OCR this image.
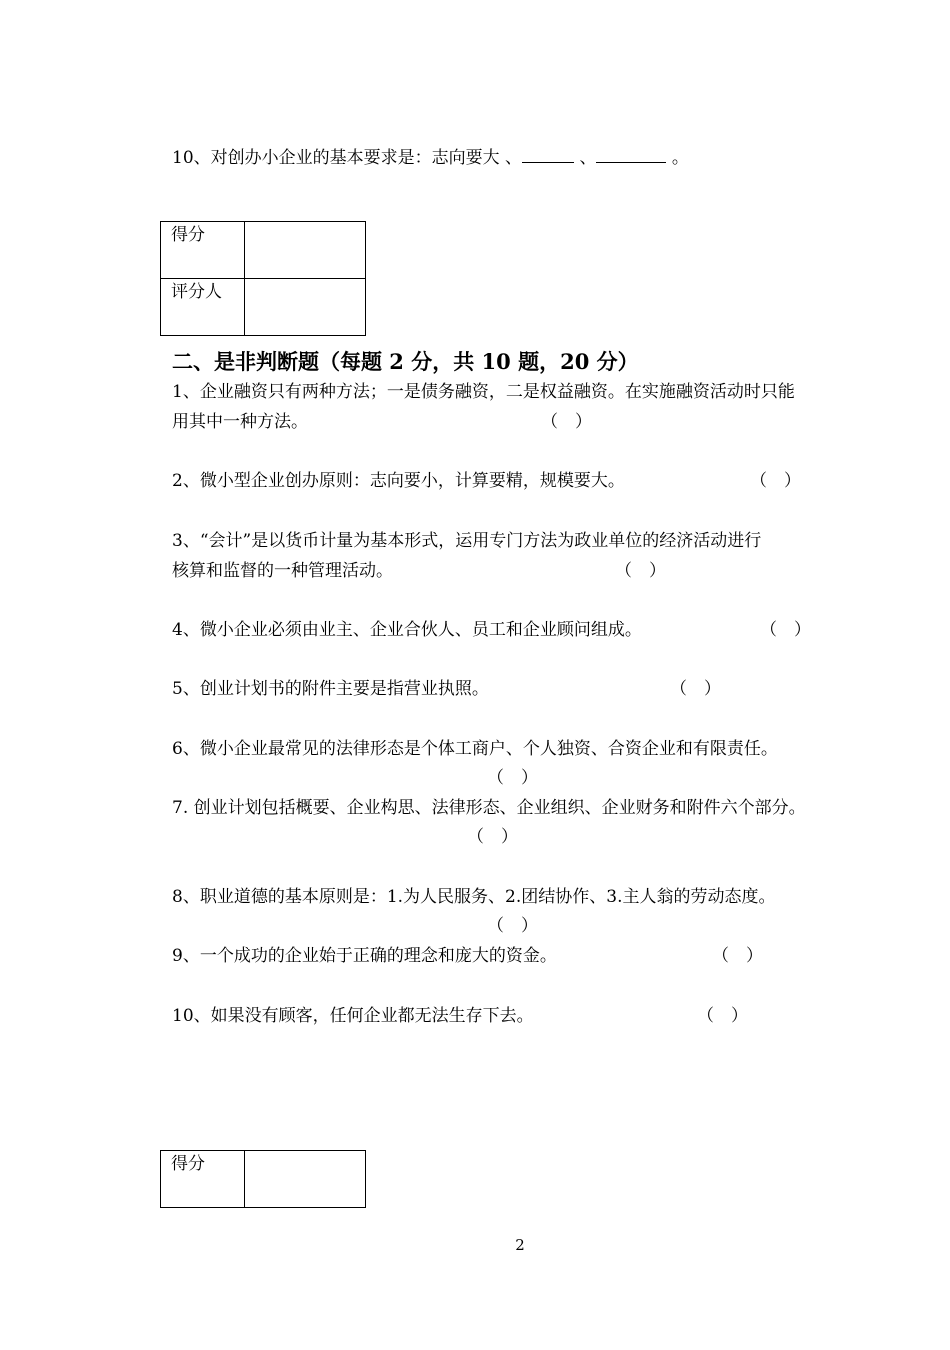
10、对创办小企业的基本要求是：志向要大 、	、	。
得分	
评分人	
二、是非判断题（每题 2 分，共 10 题，20 分）
1、企业融资只有两种方法；一是债务融资，二是权益融资。在实施融资活动时只能
用其中一种方法。	（　）
2、微小型企业创办原则：志向要小，计算要精，规模要大。	（　）
3、“会计”是以货币计量为基本形式，运用专门方法为政业单位的经济活动进行
核算和监督的一种管理活动。	（　）
4、微小企业必须由业主、企业合伙人、员工和企业顾问组成。	（　）
5、创业计划书的附件主要是指营业执照。	（　）
6、微小企业最常见的法律形态是个体工商户、个人独资、合资企业和有限责任。
（　）
7. 创业计划包括概要、企业构思、法律形态、企业组织、企业财务和附件六个部分。
（　）
8、职业道德的基本原则是：1.为人民服务、2.团结协作、3.主人翁的劳动态度。
（　）
9、一个成功的企业始于正确的理念和庞大的资金。	（　）
10、如果没有顾客，任何企业都无法生存下去。	（　）
得分	
2
